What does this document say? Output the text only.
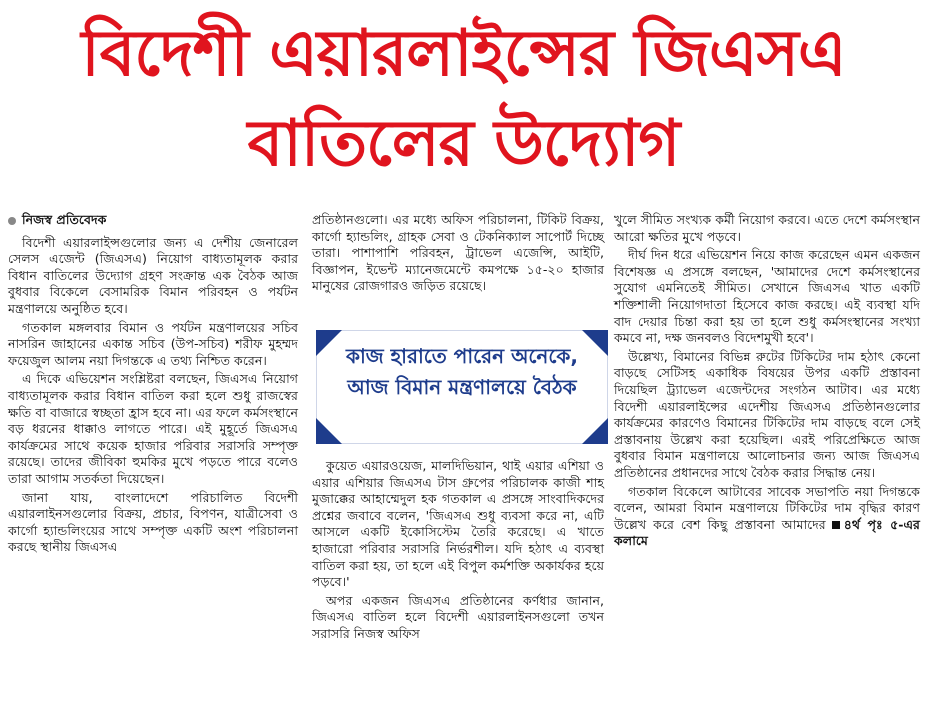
বিদেশী এয়ারলাইন্সের জিএসএ
বাতিলের উদ্যোগ

নিজস্ব প্রতিবেদক

বিদেশী এয়ারলাইন্সগুলোর জন্য এ দেশীয় জেনারেল সেলস এজেন্ট (জিএসএ) নিয়োগ বাধ্যতামূলক করার বিধান বাতিলের উদ্যোগ গ্রহণ সংক্রান্ত এক বৈঠক আজ বুধবার বিকেলে বেসামরিক বিমান পরিবহন ও পর্যটন মন্ত্রণালয়ে অনুষ্ঠিত হবে।

গতকাল মঙ্গলবার বিমান ও পর্যটন মন্ত্রণালয়ের সচিব নাসরিন জাহানের একান্ত সচিব (উপ-সচিব) শরীফ মুহম্মদ ফয়েজুল আলম নয়া দিগন্তকে এ তথ্য নিশ্চিত করেন।

এ দিকে এভিয়েশন সংশ্লিষ্টরা বলছেন, জিএসএ নিয়োগ বাধ্যতামূলক করার বিধান বাতিল করা হলে শুধু রাজস্বের ক্ষতি বা বাজারে স্বচ্ছতা হ্রাস হবে না। এর ফলে কর্মসংস্থানে বড় ধরনের ধাক্কাও লাগতে পারে। এই মুহূর্তে জিএসএ কার্যক্রমের সাথে কয়েক হাজার পরিবার সরাসরি সম্পৃক্ত রয়েছে। তাদের জীবিকা হুমকির মুখে পড়তে পারে বলেও তারা আগাম সতর্কতা দিয়েছেন।

জানা যায়, বাংলাদেশে পরিচালিত বিদেশী এয়ারলাইনসগুলোর বিক্রয়, প্রচার, বিপণন, যাত্রীসেবা ও কার্গো হ্যান্ডলিংয়ের সাথে সম্পৃক্ত একটি অংশ পরিচালনা করছে স্থানীয় জিএসএ

প্রতিষ্ঠানগুলো। এর মধ্যে অফিস পরিচালনা, টিকিট বিক্রয়, কার্গো হ্যান্ডলিং, গ্রাহক সেবা ও টেকনিক্যাল সাপোর্ট দিচ্ছে তারা। পাশাপাশি পরিবহন, ট্রাভেল এজেন্সি, আইটি, বিজ্ঞাপন, ইভেন্ট ম্যানেজমেন্টে কমপক্ষে ১৫-২০ হাজার মানুষের রোজগারও জড়িত রয়েছে।

কাজ হারাতে পারেন অনেকে, আজ বিমান মন্ত্রণালয়ে বৈঠক

কুয়েত এয়ারওয়েজ, মালদিভিয়ান, থাই এয়ার এশিয়া ও এয়ার এশিয়ার জিএসএ টাস গ্রুপের পরিচালক কাজী শাহ মুজাক্কের আহাম্মেদুল হক গতকাল এ প্রসঙ্গে সাংবাদিকদের প্রশ্নের জবাবে বলেন, 'জিএসএ শুধু ব্যবসা করে না, এটি আসলে একটি ইকোসিস্টেম তৈরি করেছে। এ খাতে হাজারো পরিবার সরাসরি নির্ভরশীল। যদি হঠাৎ এ ব্যবস্থা বাতিল করা হয়, তা হলে এই বিপুল কর্মশক্তি অকার্যকর হয়ে পড়বে।'

অপর একজন জিএসএ প্রতিষ্ঠানের কর্ণধার জানান, জিএসএ বাতিল হলে বিদেশী এয়ারলাইনসগুলো তখন সরাসরি নিজস্ব অফিস

খুলে সীমিত সংখ্যক কর্মী নিয়োগ করবে। এতে দেশে কর্মসংস্থান আরো ক্ষতির মুখে পড়বে।

দীর্ঘ দিন ধরে এভিয়েশন নিয়ে কাজ করেছেন এমন একজন বিশেষজ্ঞ এ প্রসঙ্গে বলছেন, 'আমাদের দেশে কর্মসংস্থানের সুযোগ এমনিতেই সীমিত। সেখানে জিএসএ খাত একটি শক্তিশালী নিয়োগদাতা হিসেবে কাজ করছে। এই ব্যবস্থা যদি বাদ দেয়ার চিন্তা করা হয় তা হলে শুধু কর্মসংস্থানের সংখ্যা কমবে না, দক্ষ জনবলও বিদেশমুখী হবে'।

উল্লেখ্য, বিমানের বিভিন্ন রুটের টিকিটের দাম হঠাৎ কেনো বাড়ছে সেটিসহ একাধিক বিষয়ের উপর একটি প্রস্তাবনা দিয়েছিল ট্র্যাভেল এজেন্টদের সংগঠন আটাব। এর মধ্যে বিদেশী এয়ারলাইন্সের এদেশীয় জিএসএ প্রতিষ্ঠানগুলোর কার্যক্রমের কারণেও বিমানের টিকিটের দাম বাড়ছে বলে সেই প্রস্তাবনায় উল্লেখ করা হয়েছিল। এরই পরিপ্রেক্ষিতে আজ বুধবার বিমান মন্ত্রণালয়ে আলোচনার জন্য আজ জিএসএ প্রতিষ্ঠানের প্রধানদের সাথে বৈঠক করার সিদ্ধান্ত নেয়।

গতকাল বিকেলে আটাবের সাবেক সভাপতি নয়া দিগন্তকে বলেন, আমরা বিমান মন্ত্রণালয়ে টিকিটের দাম বৃদ্ধির কারণ উল্লেখ করে বেশ কিছু প্রস্তাবনা আমাদের ৪র্থ পৃঃ ৫-এর কলামে
